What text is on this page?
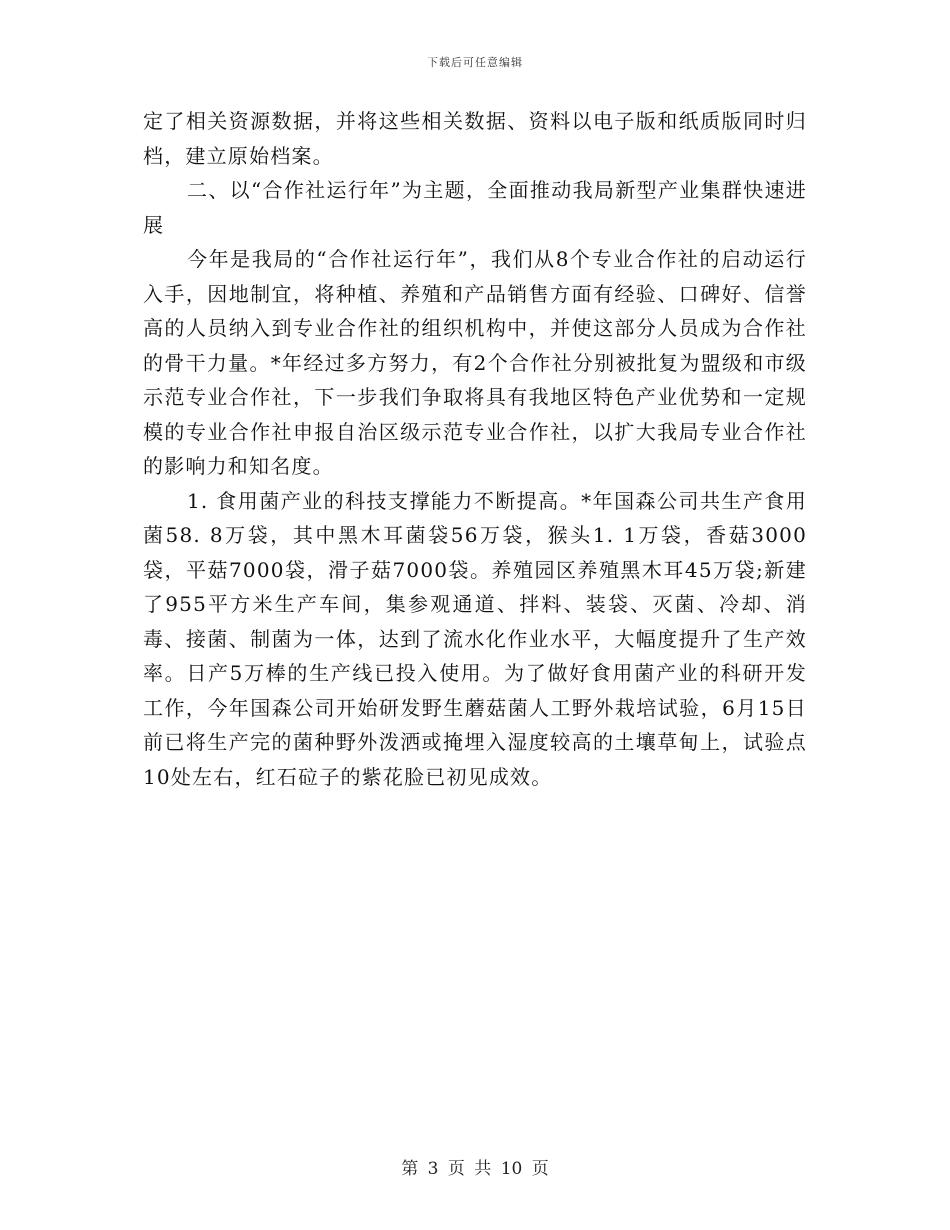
下载后可任意编辑

定了相关资源数据，并将这些相关数据、资料以电子版和纸质版同时归档，建立原始档案。

二、以“合作社运行年”为主题，全面推动我局新型产业集群快速进展

今年是我局的“合作社运行年”，我们从8个专业合作社的启动运行入手，因地制宜，将种植、养殖和产品销售方面有经验、口碑好、信誉高的人员纳入到专业合作社的组织机构中，并使这部分人员成为合作社的骨干力量。*年经过多方努力，有2个合作社分别被批复为盟级和市级示范专业合作社，下一步我们争取将具有我地区特色产业优势和一定规模的专业合作社申报自治区级示范专业合作社，以扩大我局专业合作社的影响力和知名度。

1. 食用菌产业的科技支撑能力不断提高。*年国森公司共生产食用菌58. 8万袋，其中黑木耳菌袋56万袋，猴头1. 1万袋，香菇3000袋，平菇7000袋，滑子菇7000袋。养殖园区养殖黑木耳45万袋;新建了955平方米生产车间，集参观通道、拌料、装袋、灭菌、冷却、消毒、接菌、制菌为一体，达到了流水化作业水平，大幅度提升了生产效率。日产5万棒的生产线已投入使用。为了做好食用菌产业的科研开发工作，今年国森公司开始研发野生蘑菇菌人工野外栽培试验，6月15日前已将生产完的菌种野外泼洒或掩埋入湿度较高的土壤草甸上，试验点10处左右，红石砬子的紫花脸已初见成效。

第 3 页 共 10 页
